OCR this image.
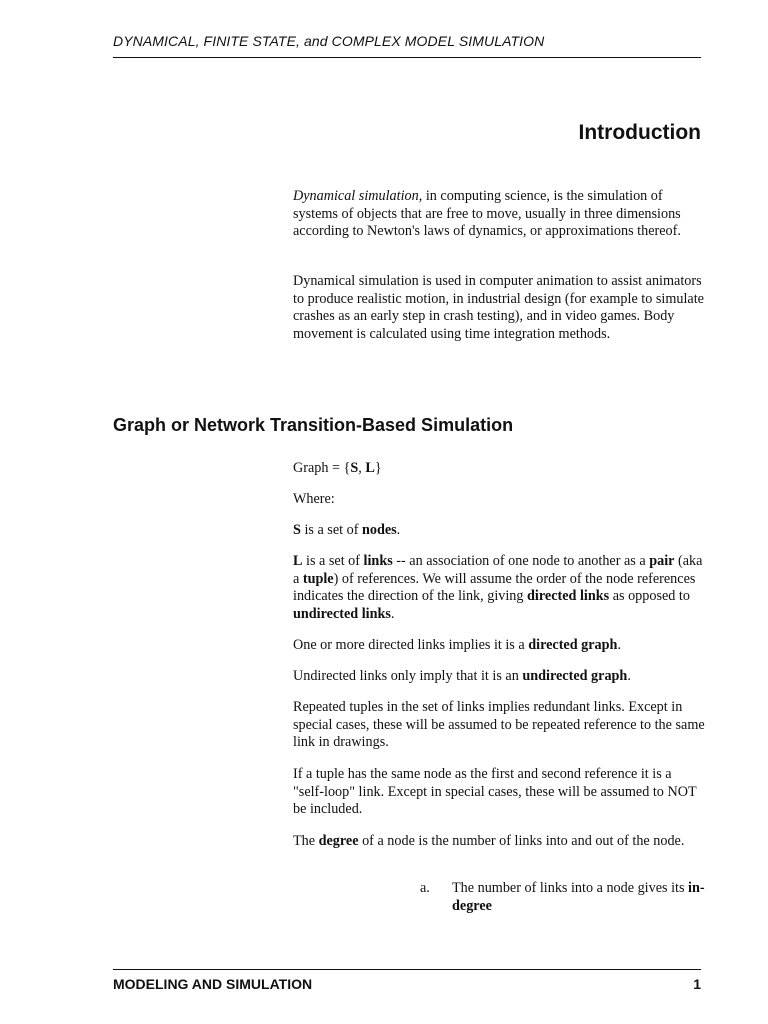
DYNAMICAL, FINITE STATE, and COMPLEX MODEL SIMULATION
Introduction

Dynamical simulation, in computing science, is the simulation of systems of objects that are free to move, usually in three dimensions according to Newton's laws of dynamics, or approximations thereof.

Dynamical simulation is used in computer animation to assist animators to produce realistic motion, in industrial design (for example to simulate crashes as an early step in crash testing), and in video games. Body movement is calculated using time integration methods.

Graph or Network Transition-Based Simulation

Graph = {S, L}

Where:

S is a set of nodes.

L is a set of links -- an association of one node to another as a pair (aka a tuple) of references. We will assume the order of the node references indicates the direction of the link, giving directed links as opposed to undirected links.

One or more directed links implies it is a directed graph.

Undirected links only imply that it is an undirected graph.

Repeated tuples in the set of links implies redundant links. Except in special cases, these will be assumed to be repeated reference to the same link in drawings.

If a tuple has the same node as the first and second reference it is a "self-loop" link. Except in special cases, these will be assumed to NOT be included.

The degree of a node is the number of links into and out of the node.

a. The number of links into a node gives its in-degree
MODELING AND SIMULATION	1
